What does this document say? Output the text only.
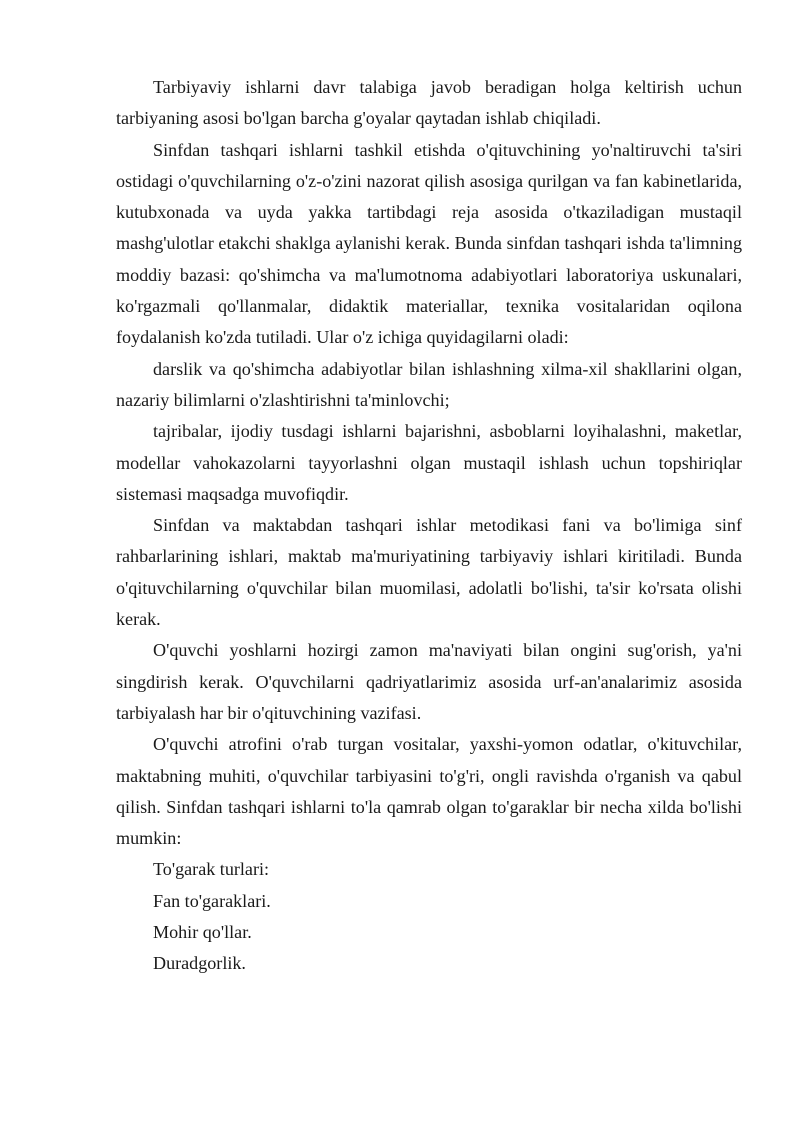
Tarbiyaviy ishlarni davr talabiga javob beradigan holga keltirish uchun tarbiyaning asosi bo'lgan barcha g'oyalar qaytadan ishlab chiqiladi.

Sinfdan tashqari ishlarni tashkil etishda o'qituvchining yo'naltiruvchi ta'siri ostidagi o'quvchilarning o'z-o'zini nazorat qilish asosiga qurilgan va fan kabinetlarida, kutubxonada va uyda yakka tartibdagi reja asosida o'tkaziladigan mustaqil mashg'ulotlar etakchi shaklga aylanishi kerak. Bunda sinfdan tashqari ishda ta'limning moddiy bazasi: qo'shimcha va ma'lumotnoma adabiyotlari laboratoriya uskunalari, ko'rgazmali qo'llanmalar, didaktik materiallar, texnika vositalaridan oqilona foydalanish ko'zda tutiladi. Ular o'z ichiga quyidagilarni oladi:

darslik va qo'shimcha adabiyotlar bilan ishlashning xilma-xil shakllarini olgan, nazariy bilimlarni o'zlashtirishni ta'minlovchi;

tajribalar, ijodiy tusdagi ishlarni bajarishni, asboblarni loyihalashni, maketlar, modellar vahokazolarni tayyorlashni olgan mustaqil ishlash uchun topshiriqlar sistemasi maqsadga muvofiqdir.

Sinfdan va maktabdan tashqari ishlar metodikasi fani va bo'limiga sinf rahbarlarining ishlari, maktab ma'muriyatining tarbiyaviy ishlari kiritiladi. Bunda o'qituvchilarning o'quvchilar bilan muomilasi, adolatli bo'lishi, ta'sir ko'rsata olishi kerak.

O'quvchi yoshlarni hozirgi zamon ma'naviyati bilan ongini sug'orish, ya'ni singdirish kerak. O'quvchilarni qadriyatlarimiz asosida urf-an'analarimiz asosida tarbiyalash har bir o'qituvchining vazifasi.

O'quvchi atrofini o'rab turgan vositalar, yaxshi-yomon odatlar, o'kituvchilar, maktabning muhiti, o'quvchilar tarbiyasini to'g'ri, ongli ravishda o'rganish va qabul qilish. Sinfdan tashqari ishlarni to'la qamrab olgan to'garaklar bir necha xilda bo'lishi mumkin:

To'garak turlari:

Fan to'garaklari.

Mohir qo'llar.

Duradgorlik.
